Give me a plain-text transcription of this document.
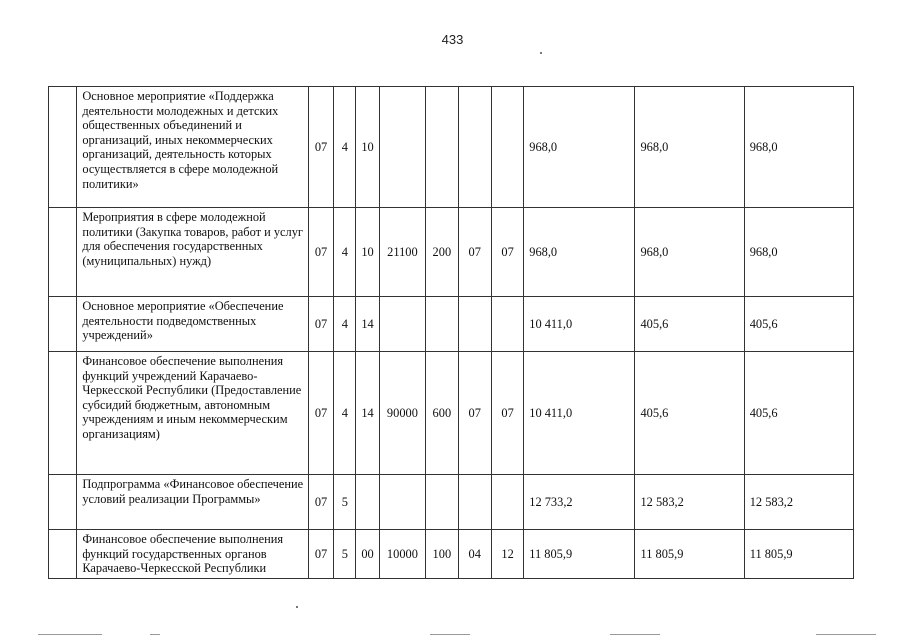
433
	Основное мероприятие «Поддержка деятельности молодежных и детских общественных объединений и организаций, иных некоммерческих организаций, деятельность которых осуществляется в сфере молодежной политики»	07	4	10					968,0	968,0	968,0
	Мероприятия в сфере молодежной политики (Закупка товаров, работ и услуг для обеспечения государственных (муниципальных) нужд)	07	4	10	21100	200	07	07	968,0	968,0	968,0
	Основное мероприятие «Обеспечение деятельности подведомственных учреждений»	07	4	14					10 411,0	405,6	405,6
	Финансовое обеспечение выполнения функций учреждений Карачаево-Черкесской Республики (Предоставление субсидий бюджетным, автономным учреждениям и иным некоммерческим организациям)	07	4	14	90000	600	07	07	10 411,0	405,6	405,6
	Подпрограмма «Финансовое обеспечение условий реализации Программы»	07	5						12 733,2	12 583,2	12 583,2
	Финансовое обеспечение выполнения функций государственных органов Карачаево-Черкесской Республики	07	5	00	10000	100	04	12	11 805,9	11 805,9	11 805,9
